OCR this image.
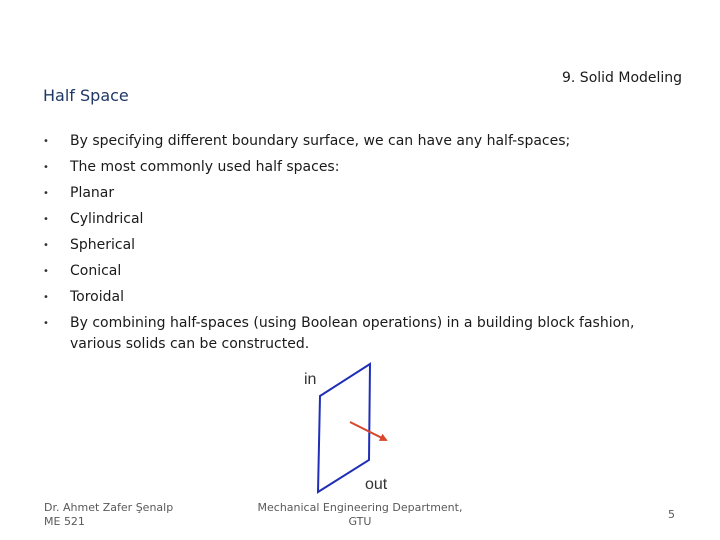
9. Solid Modeling
Half Space
• By specifying different boundary surface, we can have any half-spaces;
• The most commonly used half spaces:
• Planar
• Cylindrical
• Spherical
• Conical
• Toroidal
• By combining half-spaces (using Boolean operations) in a building block fashion, various solids can be constructed.
in
out
Dr. Ahmet Zafer Şenalp
ME 521
Mechanical Engineering Department,
GTU
5
